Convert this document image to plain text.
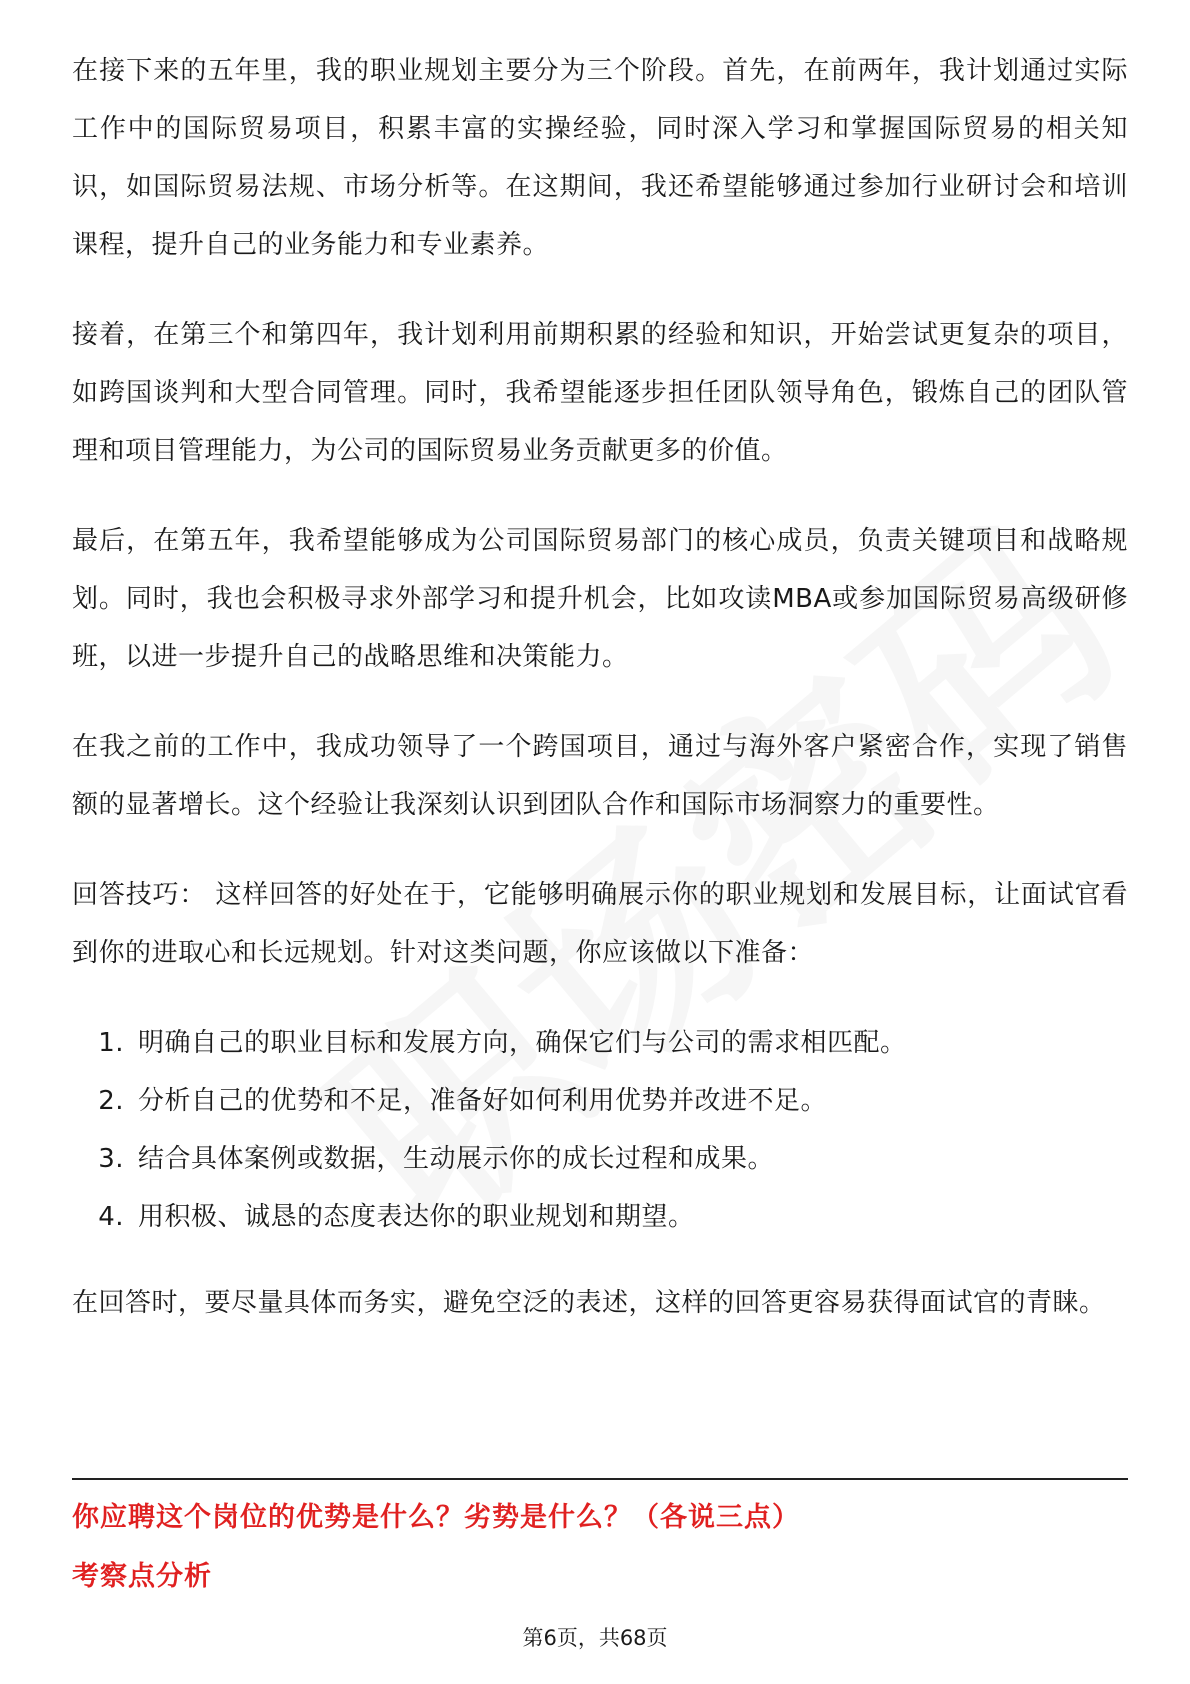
在接下来的五年里，我的职业规划主要分为三个阶段。首先，在前两年，我计划通过实际工作中的国际贸易项目，积累丰富的实操经验，同时深入学习和掌握国际贸易的相关知识，如国际贸易法规、市场分析等。在这期间，我还希望能够通过参加行业研讨会和培训课程，提升自己的业务能力和专业素养。

接着，在第三个和第四年，我计划利用前期积累的经验和知识，开始尝试更复杂的项目，如跨国谈判和大型合同管理。同时，我希望能逐步担任团队领导角色，锻炼自己的团队管理和项目管理能力，为公司的国际贸易业务贡献更多的价值。

最后，在第五年，我希望能够成为公司国际贸易部门的核心成员，负责关键项目和战略规划。同时，我也会积极寻求外部学习和提升机会，比如攻读MBA或参加国际贸易高级研修班，以进一步提升自己的战略思维和决策能力。

在我之前的工作中，我成功领导了一个跨国项目，通过与海外客户紧密合作，实现了销售额的显著增长。这个经验让我深刻认识到团队合作和国际市场洞察力的重要性。

回答技巧： 这样回答的好处在于，它能够明确展示你的职业规划和发展目标，让面试官看到你的进取心和长远规划。针对这类问题，你应该做以下准备：

1. 明确自己的职业目标和发展方向，确保它们与公司的需求相匹配。
2. 分析自己的优势和不足，准备好如何利用优势并改进不足。
3. 结合具体案例或数据，生动展示你的成长过程和成果。
4. 用积极、诚恳的态度表达你的职业规划和期望。

在回答时，要尽量具体而务实，避免空泛的表述，这样的回答更容易获得面试官的青睐。

你应聘这个岗位的优势是什么？劣势是什么？（各说三点）
考察点分析
第6页，共68页
